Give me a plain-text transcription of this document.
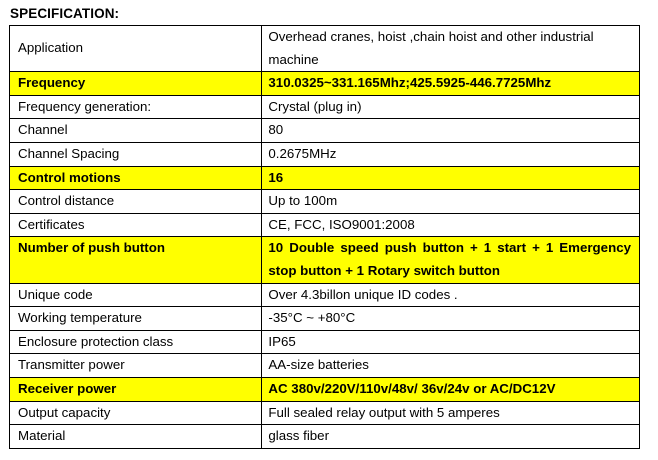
SPECIFICATION:
Application	Overhead cranes, hoist ,chain hoist and other industrial machine
Frequency	310.0325~331.165Mhz;425.5925-446.7725Mhz
Frequency generation:	Crystal (plug in)
Channel	80
Channel Spacing	0.2675MHz
Control motions	16
Control distance	Up to 100m
Certificates	CE, FCC, ISO9001:2008
Number of push button	10 Double speed push button + 1 start + 1 Emergency stop button + 1 Rotary switch button
Unique code	Over 4.3billon unique ID codes .
Working temperature	-35°C ~ +80°C
Enclosure protection class	IP65
Transmitter power	AA-size batteries
Receiver power	AC 380v/220V/110v/48v/ 36v/24v or AC/DC12V
Output capacity	Full sealed relay output with 5 amperes
Material	glass fiber
